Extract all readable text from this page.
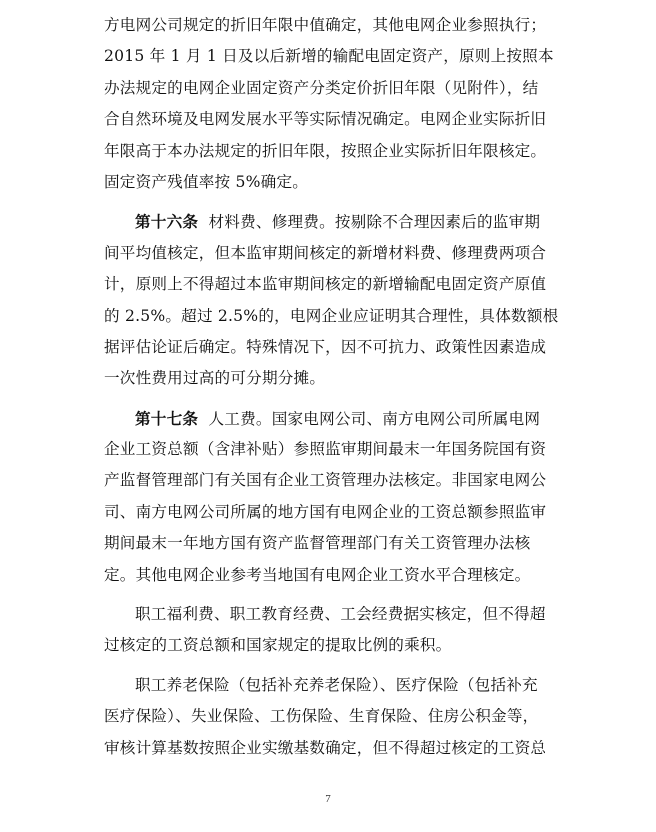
方电网公司规定的折旧年限中值确定，其他电网企业参照执行；
2015 年 1 月 1 日及以后新增的输配电固定资产，原则上按照本
办法规定的电网企业固定资产分类定价折旧年限（见附件），结
合自然环境及电网发展水平等实际情况确定。电网企业实际折旧
年限高于本办法规定的折旧年限，按照企业实际折旧年限核定。
固定资产残值率按 5%确定。
第十六条 材料费、修理费。按剔除不合理因素后的监审期
间平均值核定，但本监审期间核定的新增材料费、修理费两项合
计，原则上不得超过本监审期间核定的新增输配电固定资产原值
的 2.5%。超过 2.5%的，电网企业应证明其合理性，具体数额根
据评估论证后确定。特殊情况下，因不可抗力、政策性因素造成
一次性费用过高的可分期分摊。
第十七条 人工费。国家电网公司、南方电网公司所属电网
企业工资总额（含津补贴）参照监审期间最末一年国务院国有资
产监督管理部门有关国有企业工资管理办法核定。非国家电网公
司、南方电网公司所属的地方国有电网企业的工资总额参照监审
期间最末一年地方国有资产监督管理部门有关工资管理办法核
定。其他电网企业参考当地国有电网企业工资水平合理核定。
职工福利费、职工教育经费、工会经费据实核定，但不得超
过核定的工资总额和国家规定的提取比例的乘积。
职工养老保险（包括补充养老保险）、医疗保险（包括补充
医疗保险）、失业保险、工伤保险、生育保险、住房公积金等，
审核计算基数按照企业实缴基数确定，但不得超过核定的工资总
7
